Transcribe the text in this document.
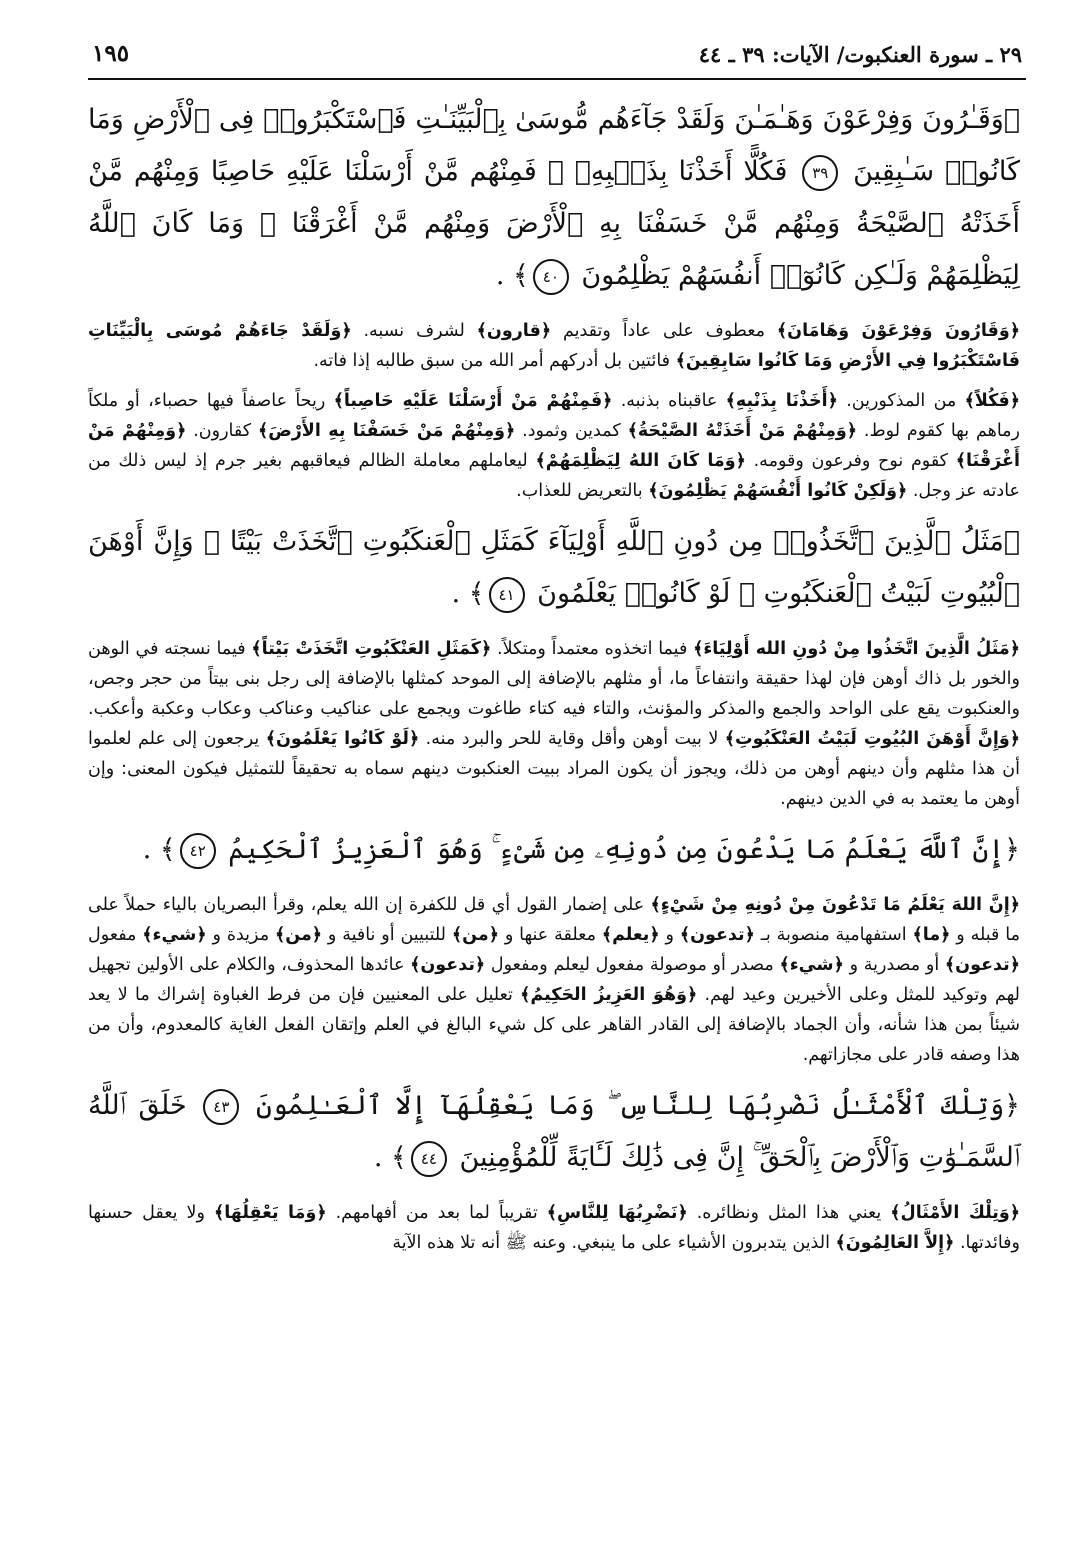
٢٩ ـ سورة العنكبوت/ الآيات: ٣٩ ـ ٤٤
١٩٥

﴿وَقَـٰرُونَ وَفِرْعَوْنَ وَهَـٰمَـٰنَ وَلَقَدْ جَآءَهُم مُّوسَىٰ بِٱلْبَيِّنَـٰتِ فَٱسْتَكْبَرُوا۟ فِى ٱلْأَرْضِ وَمَا كَانُوا۟ سَـٰبِقِينَ ٣٩ فَكُلًّا أَخَذْنَا بِذَنۢبِهِۦ ۖ فَمِنْهُم مَّنْ أَرْسَلْنَا عَلَيْهِ حَاصِبًا وَمِنْهُم مَّنْ أَخَذَتْهُ ٱلصَّيْحَةُ وَمِنْهُم مَّنْ خَسَفْنَا بِهِ ٱلْأَرْضَ وَمِنْهُم مَّنْ أَغْرَقْنَا ۚ وَمَا كَانَ ٱللَّهُ لِيَظْلِمَهُمْ وَلَـٰكِن كَانُوٓا۟ أَنفُسَهُمْ يَظْلِمُونَ ٤٠﴾ .

﴿وَقَارُونَ وَفِرْعَوْنَ وَهَامَانَ﴾ معطوف على عاداً وتقديم ﴿قارون﴾ لشرف نسبه. ﴿وَلَقَدْ جَاءَهُمْ مُوسَى بِالْبَيِّنَاتِ فَاسْتَكْبَرُوا فِي الأَرْضِ وَمَا كَانُوا سَابِقِينَ﴾ فائتين بل أدركهم أمر الله من سبق طالبه إذا فاته.

﴿فَكُلاً﴾ من المذكورين. ﴿أَخَذْنَا بِذَنْبِهِ﴾ عاقبناه بذنبه. ﴿فَمِنْهُمْ مَنْ أَرْسَلْنَا عَلَيْهِ حَاصِباً﴾ ريحاً عاصفاً فيها حصباء، أو ملكاً رماهم بها كقوم لوط. ﴿وَمِنْهُمْ مَنْ أَخَذَتْهُ الصَّيْحَةُ﴾ كمدين وثمود. ﴿وَمِنْهُمْ مَنْ خَسَفْنَا بِهِ الأَرْضَ﴾ كقارون. ﴿وَمِنْهُمْ مَنْ أَغْرَقْنَا﴾ كقوم نوح وفرعون وقومه. ﴿وَمَا كَانَ اللهُ لِيَظْلِمَهُمْ﴾ ليعاملهم معاملة الظالم فيعاقبهم بغير جرم إذ ليس ذلك من عادته عز وجل. ﴿وَلَكِنْ كَانُوا أَنْفُسَهُمْ يَظْلِمُونَ﴾ بالتعريض للعذاب.

﴿مَثَلُ ٱلَّذِينَ ٱتَّخَذُوا۟ مِن دُونِ ٱللَّهِ أَوْلِيَآءَ كَمَثَلِ ٱلْعَنكَبُوتِ ٱتَّخَذَتْ بَيْتًا ۖ وَإِنَّ أَوْهَنَ ٱلْبُيُوتِ لَبَيْتُ ٱلْعَنكَبُوتِ ۖ لَوْ كَانُوا۟ يَعْلَمُونَ ٤١﴾ .

﴿مَثَلُ الَّذِينَ اتَّخَذُوا مِنْ دُونِ الله أَوْلِيَاءَ﴾ فيما اتخذوه معتمداً ومتكلاً. ﴿كَمَثَلِ العَنْكَبُوتِ اتَّخَذَتْ بَيْتاً﴾ فيما نسجته في الوهن والخور بل ذاك أوهن فإن لهذا حقيقة وانتفاعاً ما، أو مثلهم بالإضافة إلى الموحد كمثلها بالإضافة إلى رجل بنى بيتاً من حجر وجص، والعنكبوت يقع على الواحد والجمع والمذكر والمؤنث، والتاء فيه كتاء طاغوت ويجمع على عناكيب وعناكب وعكاب وعكبة وأعكب. ﴿وَإِنَّ أَوْهَنَ البُيُوتِ لَبَيْتُ العَنْكَبُوتِ﴾ لا بيت أوهن وأقل وقاية للحر والبرد منه. ﴿لَوْ كَانُوا يَعْلَمُونَ﴾ يرجعون إلى علم لعلموا أن هذا مثلهم وأن دينهم أوهن من ذلك، ويجوز أن يكون المراد ببيت العنكبوت دينهم سماه به تحقيقاً للتمثيل فيكون المعنى: وإن أوهن ما يعتمد به في الدين دينهم.

﴿إِنَّ ٱللَّهَ يَعْلَمُ مَا يَدْعُونَ مِن دُونِهِۦ مِن شَىْءٍ ۚ وَهُوَ ٱلْعَزِيزُ ٱلْحَكِيمُ ٤٢﴾ .

﴿إِنَّ اللهَ يَعْلَمُ مَا تَدْعُونَ مِنْ دُونِهِ مِنْ شَيْءٍ﴾ على إضمار القول أي قل للكفرة إن الله يعلم، وقرأ البصريان بالياء حملاً على ما قبله و ﴿ما﴾ استفهامية منصوبة بـ ﴿تدعون﴾ و ﴿يعلم﴾ معلقة عنها و ﴿من﴾ للتبيين أو نافية و ﴿من﴾ مزيدة و ﴿شيء﴾ مفعول ﴿تدعون﴾ أو مصدرية و ﴿شيء﴾ مصدر أو موصولة مفعول ليعلم ومفعول ﴿تدعون﴾ عائدها المحذوف، والكلام على الأولين تجهيل لهم وتوكيد للمثل وعلى الأخيرين وعيد لهم. ﴿وَهُوَ العَزِيزُ الحَكِيمُ﴾ تعليل على المعنيين فإن من فرط الغباوة إشراك ما لا يعد شيئاً بمن هذا شأنه، وأن الجماد بالإضافة إلى القادر القاهر على كل شيء البالغ في العلم وإتقان الفعل الغاية كالمعدوم، وأن من هذا وصفه قادر على مجازاتهم.

﴿وَتِلْكَ ٱلْأَمْثَـٰلُ نَضْرِبُهَا لِلنَّاسِ ۖ وَمَا يَعْقِلُهَآ إِلَّا ٱلْعَـٰلِمُونَ ٤٣ خَلَقَ ٱللَّهُ ٱلسَّمَـٰوَٰتِ وَٱلْأَرْضَ بِٱلْحَقِّ ۚ إِنَّ فِى ذَٰلِكَ لَـَٔايَةً لِّلْمُؤْمِنِينَ ٤٤﴾ .

﴿وَتِلْكَ الأَمْثَالُ﴾ يعني هذا المثل ونظائره. ﴿نَضْرِبُهَا لِلنَّاسِ﴾ تقريباً لما بعد من أفهامهم. ﴿وَمَا يَعْقِلُهَا﴾ ولا يعقل حسنها وفائدتها. ﴿إِلاَّ العَالِمُونَ﴾ الذين يتدبرون الأشياء على ما ينبغي. وعنه ﷺ أنه تلا هذه الآية
